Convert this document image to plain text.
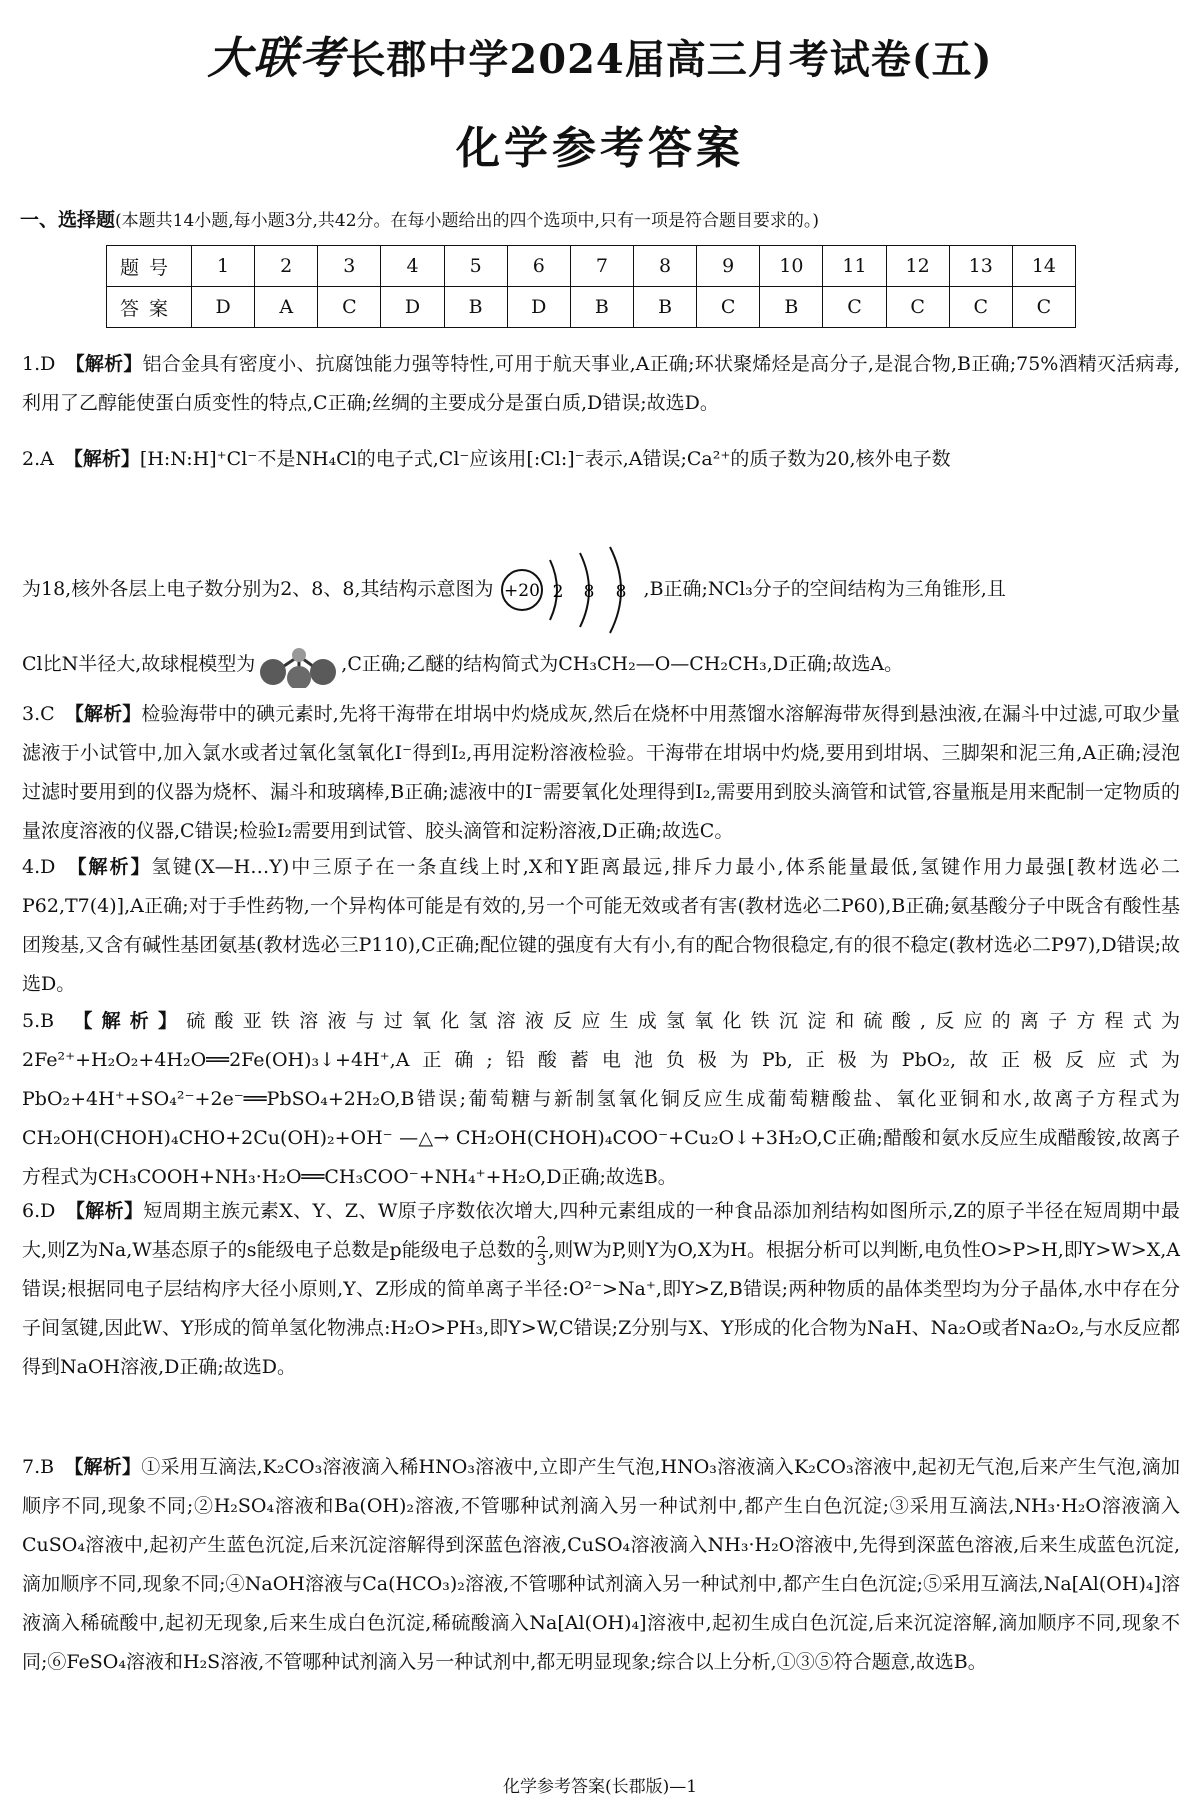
大联考长郡中学2024届高三月考试卷(五)
化学参考答案
一、选择题(本题共14小题,每小题3分,共42分。在每小题给出的四个选项中,只有一项是符合题目要求的。)
题号	1	2	3	4	5	6	7	8	9	10	11	12	13	14
答案	D	A	C	D	B	D	B	B	C	B	C	C	C	C
1.D 【解析】铝合金具有密度小、抗腐蚀能力强等特性,可用于航天事业,A正确;环状聚烯烃是高分子,是混合物,B正确;75%酒精灭活病毒,利用了乙醇能使蛋白质变性的特点,C正确;丝绸的主要成分是蛋白质,D错误;故选D。
2.A 【解析】[H:N:H]⁺Cl⁻不是NH₄Cl的电子式,Cl⁻应该用[:Cl:]⁻表示,A错误;Ca²⁺的质子数为20,核外电子数
为18,核外各层上电子数分别为2、8、8,其结构示意图为 +20 2 8 8 ,B正确;NCl₃分子的空间结构为三角锥形,且
Cl比N半径大,故球棍模型为	,C正确;乙醚的结构简式为CH₃CH₂—O—CH₂CH₃,D正确;故选A。
3.C 【解析】检验海带中的碘元素时,先将干海带在坩埚中灼烧成灰,然后在烧杯中用蒸馏水溶解海带灰得到悬浊液,在漏斗中过滤,可取少量滤液于小试管中,加入氯水或者过氧化氢氧化I⁻得到I₂,再用淀粉溶液检验。干海带在坩埚中灼烧,要用到坩埚、三脚架和泥三角,A正确;浸泡过滤时要用到的仪器为烧杯、漏斗和玻璃棒,B正确;滤液中的I⁻需要氧化处理得到I₂,需要用到胶头滴管和试管,容量瓶是用来配制一定物质的量浓度溶液的仪器,C错误;检验I₂需要用到试管、胶头滴管和淀粉溶液,D正确;故选C。
4.D 【解析】氢键(X—H…Y)中三原子在一条直线上时,X和Y距离最远,排斥力最小,体系能量最低,氢键作用力最强[教材选必二P62,T7(4)],A正确;对于手性药物,一个异构体可能是有效的,另一个可能无效或者有害(教材选必二P60),B正确;氨基酸分子中既含有酸性基团羧基,又含有碱性基团氨基(教材选必三P110),C正确;配位键的强度有大有小,有的配合物很稳定,有的很不稳定(教材选必二P97),D错误;故选D。
5.B 【解析】硫酸亚铁溶液与过氧化氢溶液反应生成氢氧化铁沉淀和硫酸,反应的离子方程式为2Fe²⁺+H₂O₂+4H₂O══2Fe(OH)₃↓+4H⁺,A正确;铅酸蓄电池负极为Pb,正极为PbO₂,故正极反应式为PbO₂+4H⁺+SO₄²⁻+2e⁻══PbSO₄+2H₂O,B错误;葡萄糖与新制氢氧化铜反应生成葡萄糖酸盐、氧化亚铜和水,故离子方程式为CH₂OH(CHOH)₄CHO+2Cu(OH)₂+OH⁻ —△→ CH₂OH(CHOH)₄COO⁻+Cu₂O↓+3H₂O,C正确;醋酸和氨水反应生成醋酸铵,故离子方程式为CH₃COOH+NH₃·H₂O══CH₃COO⁻+NH₄⁺+H₂O,D正确;故选B。
6.D 【解析】短周期主族元素X、Y、Z、W原子序数依次增大,四种元素组成的一种食品添加剂结构如图所示,Z的原子半径在短周期中最大,则Z为Na,W基态原子的s能级电子总数是p能级电子总数的 $\frac{2}{3}$ ,则W为P,则Y为O,X为H。根据分析可以判断,电负性O>P>H,即Y>W>X,A错误;根据同电子层结构序大径小原则,Y、Z形成的简单离子半径:O²⁻>Na⁺,即Y>Z,B错误;两种物质的晶体类型均为分子晶体,水中存在分子间氢键,因此W、Y形成的简单氢化物沸点:H₂O>PH₃,即Y>W,C错误;Z分别与X、Y形成的化合物为NaH、Na₂O或者Na₂O₂,与水反应都得到NaOH溶液,D正确;故选D。
7.B 【解析】①采用互滴法,K₂CO₃溶液滴入稀HNO₃溶液中,立即产生气泡,HNO₃溶液滴入K₂CO₃溶液中,起初无气泡,后来产生气泡,滴加顺序不同,现象不同;②H₂SO₄溶液和Ba(OH)₂溶液,不管哪种试剂滴入另一种试剂中,都产生白色沉淀;③采用互滴法,NH₃·H₂O溶液滴入CuSO₄溶液中,起初产生蓝色沉淀,后来沉淀溶解得到深蓝色溶液,CuSO₄溶液滴入NH₃·H₂O溶液中,先得到深蓝色溶液,后来生成蓝色沉淀,滴加顺序不同,现象不同;④NaOH溶液与Ca(HCO₃)₂溶液,不管哪种试剂滴入另一种试剂中,都产生白色沉淀;⑤采用互滴法,Na[Al(OH)₄]溶液滴入稀硫酸中,起初无现象,后来生成白色沉淀,稀硫酸滴入Na[Al(OH)₄]溶液中,起初生成白色沉淀,后来沉淀溶解,滴加顺序不同,现象不同;⑥FeSO₄溶液和H₂S溶液,不管哪种试剂滴入另一种试剂中,都无明显现象;综合以上分析,①③⑤符合题意,故选B。
化学参考答案(长郡版)—1
